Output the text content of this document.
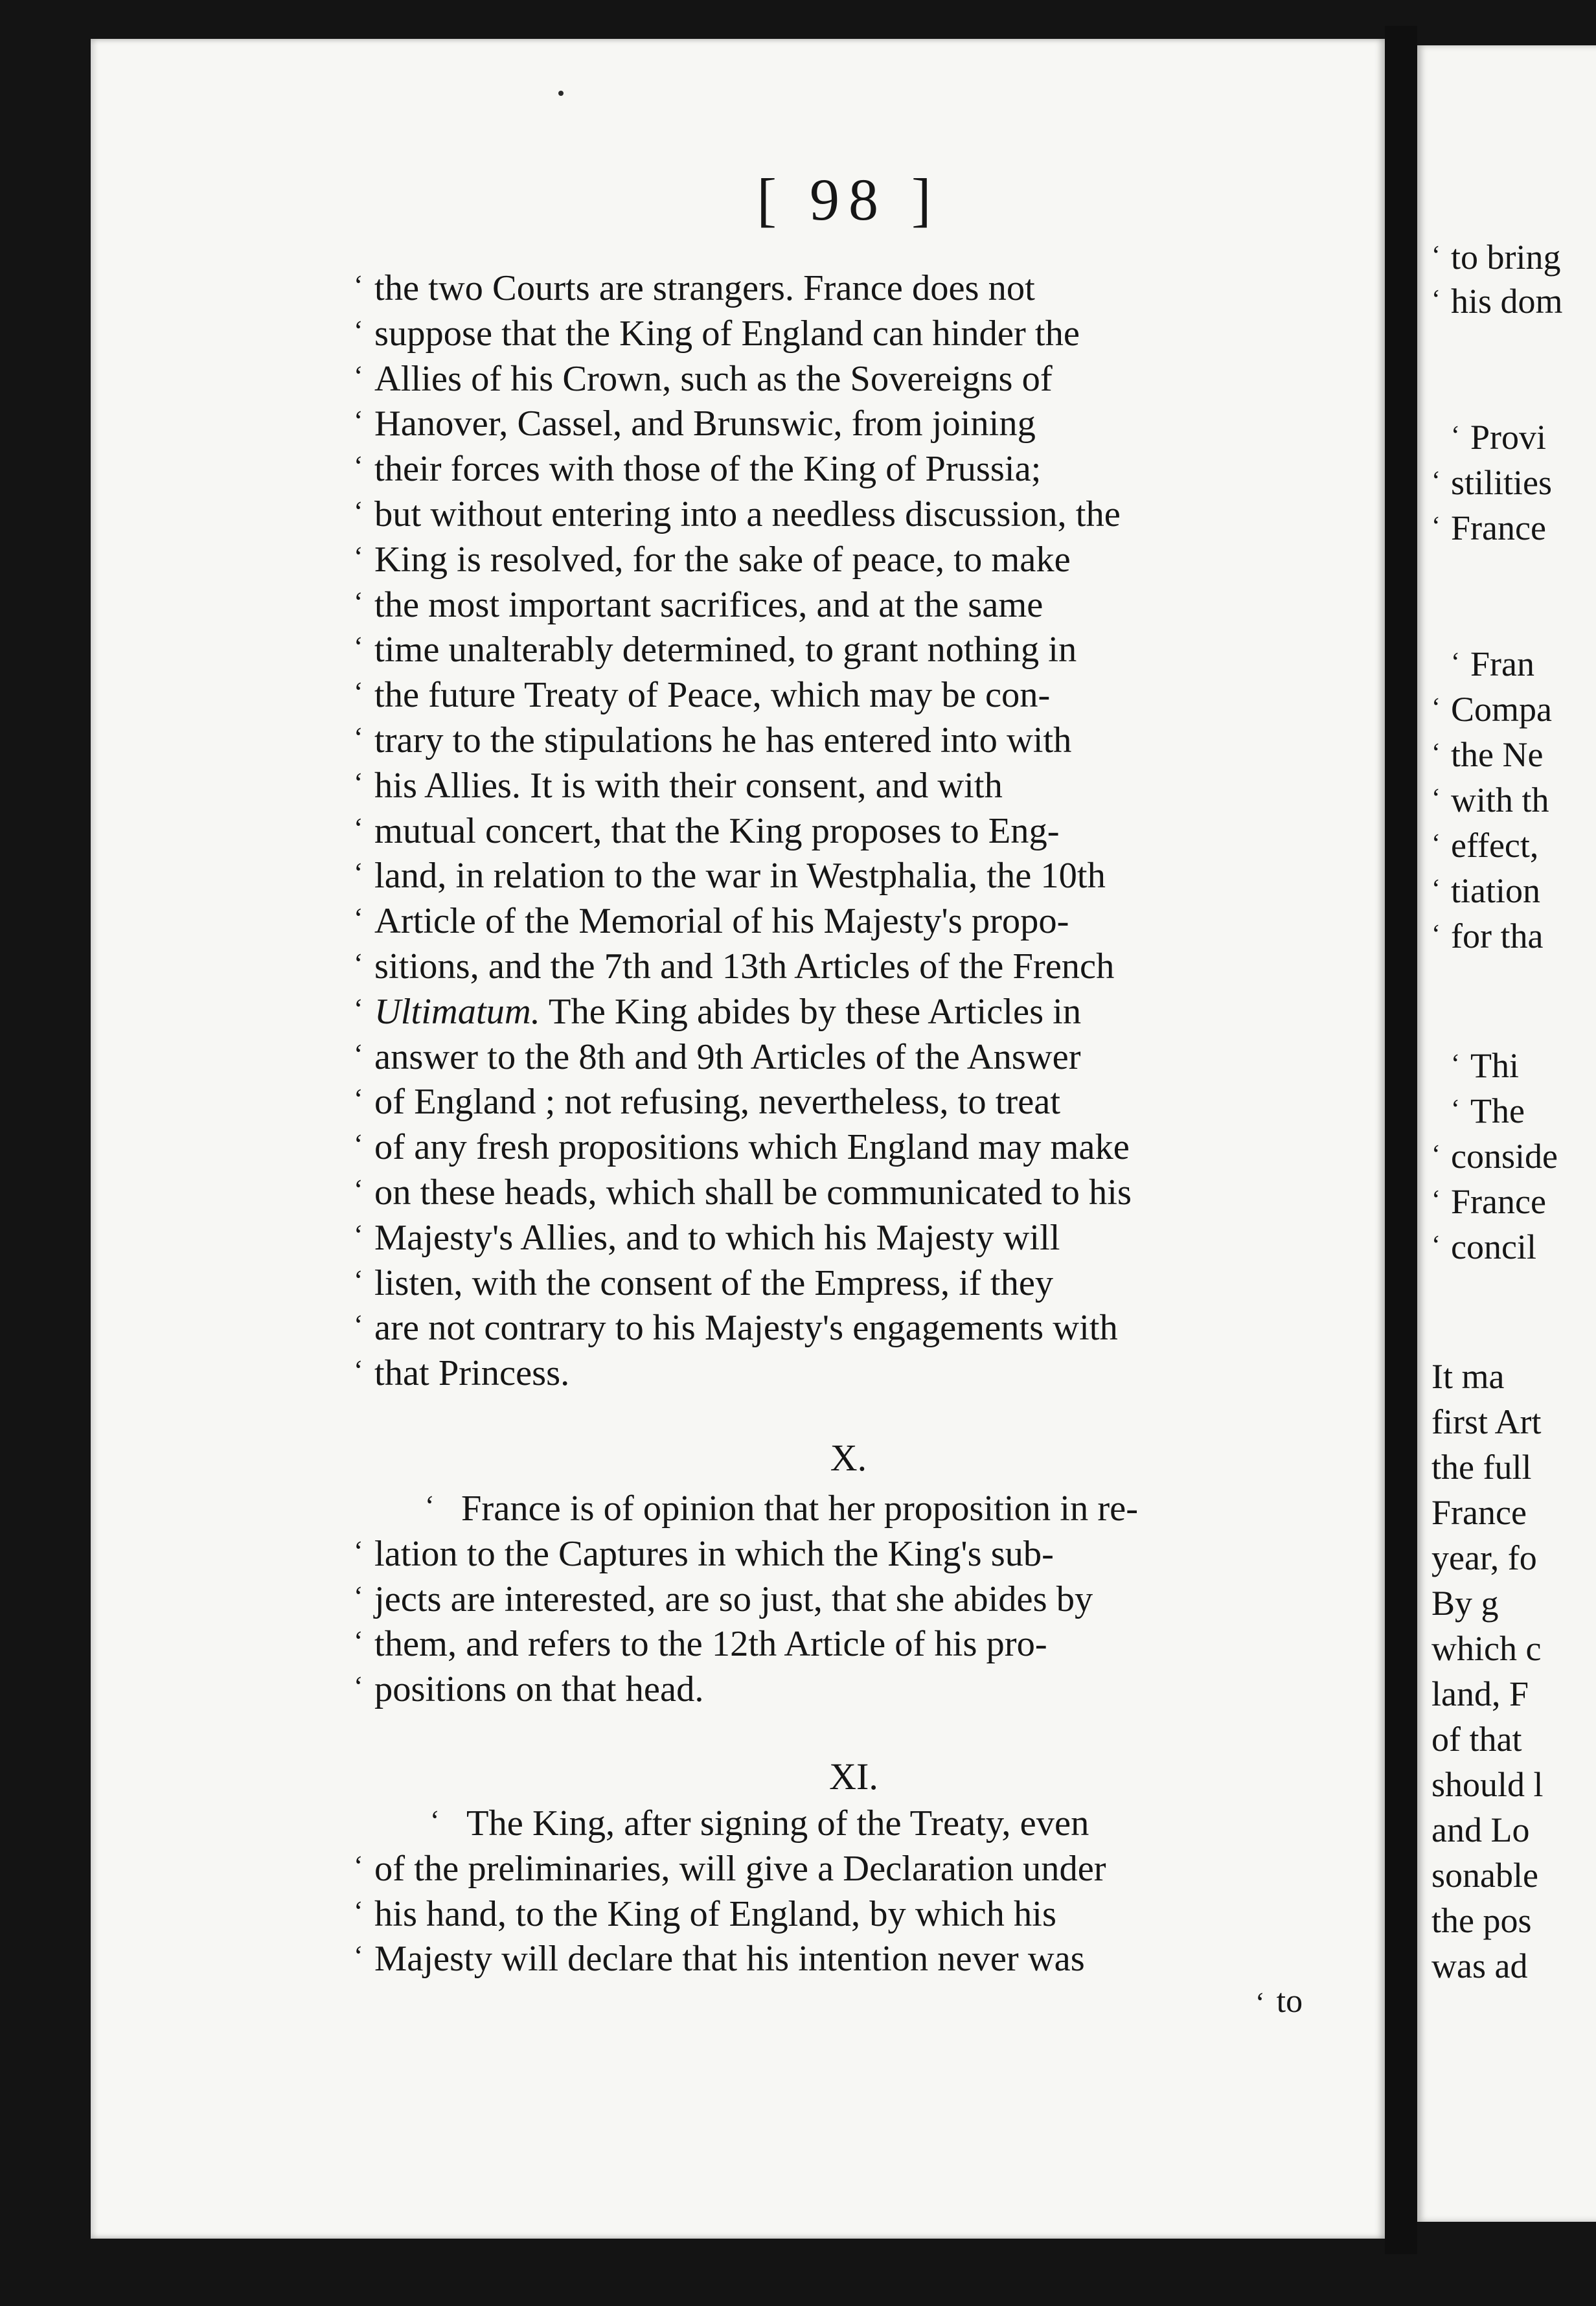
[ 98 ]
‘ the two Courts are strangers. France does not
‘ suppose that the King of England can hinder the
‘ Allies of his Crown, such as the Sovereigns of
‘ Hanover, Cassel, and Brunswic, from joining
‘ their forces with those of the King of Prussia;
‘ but without entering into a needless discussion, the
‘ King is resolved, for the sake of peace, to make
‘ the most important sacrifices, and at the same
‘ time unalterably determined, to grant nothing in
‘ the future Treaty of Peace, which may be con-
‘ trary to the stipulations he has entered into with
‘ his Allies. It is with their consent, and with
‘ mutual concert, that the King proposes to Eng-
‘ land, in relation to the war in Westphalia, the 10th
‘ Article of the Memorial of his Majesty's propo-
‘ sitions, and the 7th and 13th Articles of the French
‘ Ultimatum. The King abides by these Articles in
‘ answer to the 8th and 9th Articles of the Answer
‘ of England ; not refusing, nevertheless, to treat
‘ of any fresh propositions which England may make
‘ on these heads, which shall be communicated to his
‘ Majesty's Allies, and to which his Majesty will
‘ listen, with the consent of the Empress, if they
‘ are not contrary to his Majesty's engagements with
‘ that Princess.
X.
‘ France is of opinion that her proposition in re-
‘ lation to the Captures in which the King's sub-
‘ jects are interested, are so just, that she abides by
‘ them, and refers to the 12th Article of his pro-
‘ positions on that head.
XI.
‘ The King, after signing of the Treaty, even
‘ of the preliminaries, will give a Declaration under
‘ his hand, to the King of England, by which his
‘ Majesty will declare that his intention never was
‘ to bring
‘ his dom
‘ Provi
‘ stilities
‘ France
‘ Fran
‘ Compa
‘ the Ne
‘ with th
‘ effect,
‘ tiation
‘ for tha
‘ Thi
‘ The
‘ conside
‘ France
‘ concil
It ma
first Art
the full
France
year, fo
By g
which c
land, F
of that
should l
and Lo
sonable
the pos
was ad
‘ to
